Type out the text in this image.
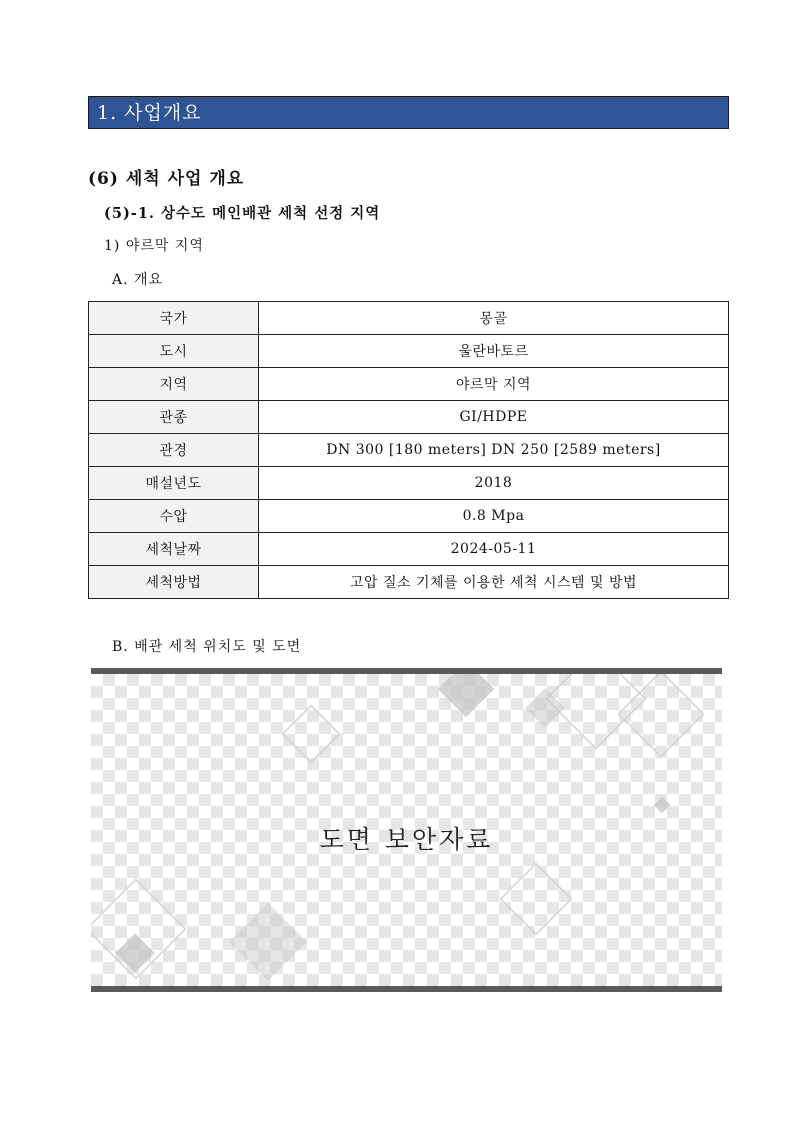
1. 사업개요
(6) 세척 사업 개요
(5)-1. 상수도 메인배관 세척 선정 지역
1) 야르막 지역
A. 개요
국가	몽골
도시	울란바토르
지역	야르막 지역
관종	GI/HDPE
관경	DN 300 [180 meters] DN 250 [2589 meters]
매설년도	2018
수압	0.8 Mpa
세척날짜	2024-05-11
세척방법	고압 질소 기체를 이용한 세척 시스템 및 방법
B. 배관 세척 위치도 및 도면
도면 보안자료
